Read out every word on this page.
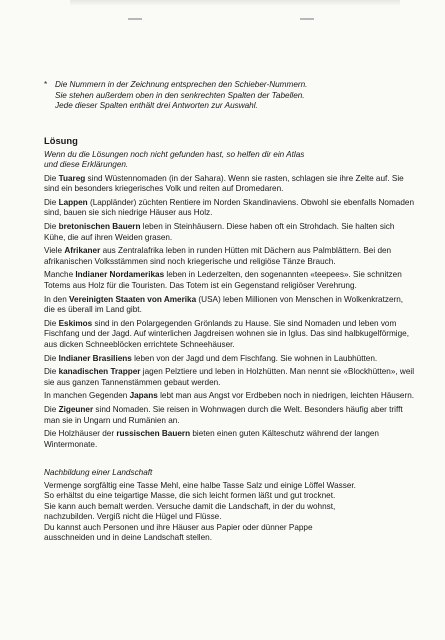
* Die Nummern in der Zeichnung entsprechen den Schieber-Nummern.
Sie stehen außerdem oben in den senkrechten Spalten der Tabellen.
Jede dieser Spalten enthält drei Antworten zur Auswahl.
Lösung
Wenn du die Lösungen noch nicht gefunden hast, so helfen dir ein Atlas
und diese Erklärungen.
Die Tuareg sind Wüstennomaden (in der Sahara). Wenn sie rasten, schlagen sie ihre Zelte auf. Sie sind ein besonders kriegerisches Volk und reiten auf Dromedaren.
Die Lappen (Lappländer) züchten Rentiere im Norden Skandinaviens. Obwohl sie ebenfalls Nomaden sind, bauen sie sich niedrige Häuser aus Holz.
Die bretonischen Bauern leben in Steinhäusern. Diese haben oft ein Strohdach. Sie halten sich Kühe, die auf ihren Weiden grasen.
Viele Afrikaner aus Zentralafrika leben in runden Hütten mit Dächern aus Palmblättern. Bei den afrikanischen Volksstämmen sind noch kriegerische und religiöse Tänze Brauch.
Manche Indianer Nordamerikas leben in Lederzelten, den sogenannten «teepees». Sie schnitzen Totems aus Holz für die Touristen. Das Totem ist ein Gegenstand religiöser Verehrung.
In den Vereinigten Staaten von Amerika (USA) leben Millionen von Menschen in Wolkenkratzern, die es überall im Land gibt.
Die Eskimos sind in den Polargegenden Grönlands zu Hause. Sie sind Nomaden und leben vom Fischfang und der Jagd. Auf winterlichen Jagdreisen wohnen sie in Iglus. Das sind halbkugelförmige, aus dicken Schneeblöcken errichtete Schneehäuser.
Die Indianer Brasiliens leben von der Jagd und dem Fischfang. Sie wohnen in Laubhütten.
Die kanadischen Trapper jagen Pelztiere und leben in Holzhütten. Man nennt sie «Blockhütten», weil sie aus ganzen Tannenstämmen gebaut werden.
In manchen Gegenden Japans lebt man aus Angst vor Erdbeben noch in niedrigen, leichten Häusern.
Die Zigeuner sind Nomaden. Sie reisen in Wohnwagen durch die Welt. Besonders häufig aber trifft man sie in Ungarn und Rumänien an.
Die Holzhäuser der russischen Bauern bieten einen guten Kälteschutz während der langen Wintermonate.
Nachbildung einer Landschaft
Vermenge sorgfältig eine Tasse Mehl, eine halbe Tasse Salz und einige Löffel Wasser.
So erhältst du eine teigartige Masse, die sich leicht formen läßt und gut trocknet.
Sie kann auch bemalt werden. Versuche damit die Landschaft, in der du wohnst,
nachzubilden. Vergiß nicht die Hügel und Flüsse.
Du kannst auch Personen und ihre Häuser aus Papier oder dünner Pappe
ausschneiden und in deine Landschaft stellen.
